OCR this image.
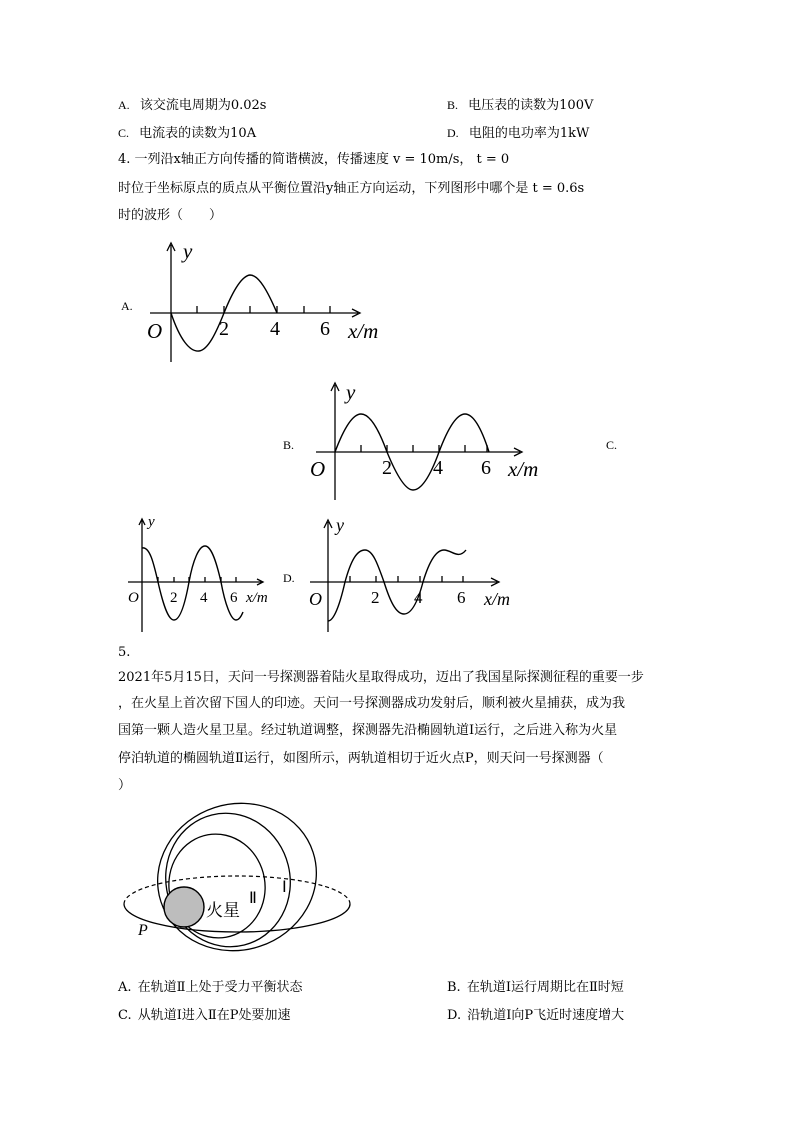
A. 该交流电周期为0.02s	B. 电压表的读数为100V
C. 电流表的读数为10A	D. 电阻的电功率为1kW
4. 一列沿x轴正方向传播的简谐横波，传播速度 v = 10m/s， t = 0
时位于坐标原点的质点从平衡位置沿y轴正方向运动，下列图形中哪个是 t = 0.6s
时的波形（　　）
A.
B.	C.
D.
y
O	2 4 6 x/m
y
O	2 4 6 x/m
y
O 2 4 6 x/m
y
O	2 4 6 x/m
5.
2021年5月15日，天问一号探测器着陆火星取得成功，迈出了我国星际探测征程的重要一步
，在火星上首次留下国人的印迹。天问一号探测器成功发射后，顺利被火星捕获，成为我
国第一颗人造火星卫星。经过轨道调整，探测器先沿椭圆轨道Ⅰ运行，之后进入称为火星
停泊轨道的椭圆轨道Ⅱ运行，如图所示，两轨道相切于近火点P，则天问一号探测器（
）
火星
Ⅱ
Ⅰ
P
A. 在轨道Ⅱ上处于受力平衡状态	B. 在轨道Ⅰ运行周期比在Ⅱ时短
C. 从轨道Ⅰ进入Ⅱ在P处要加速	D. 沿轨道Ⅰ向P飞近时速度增大
